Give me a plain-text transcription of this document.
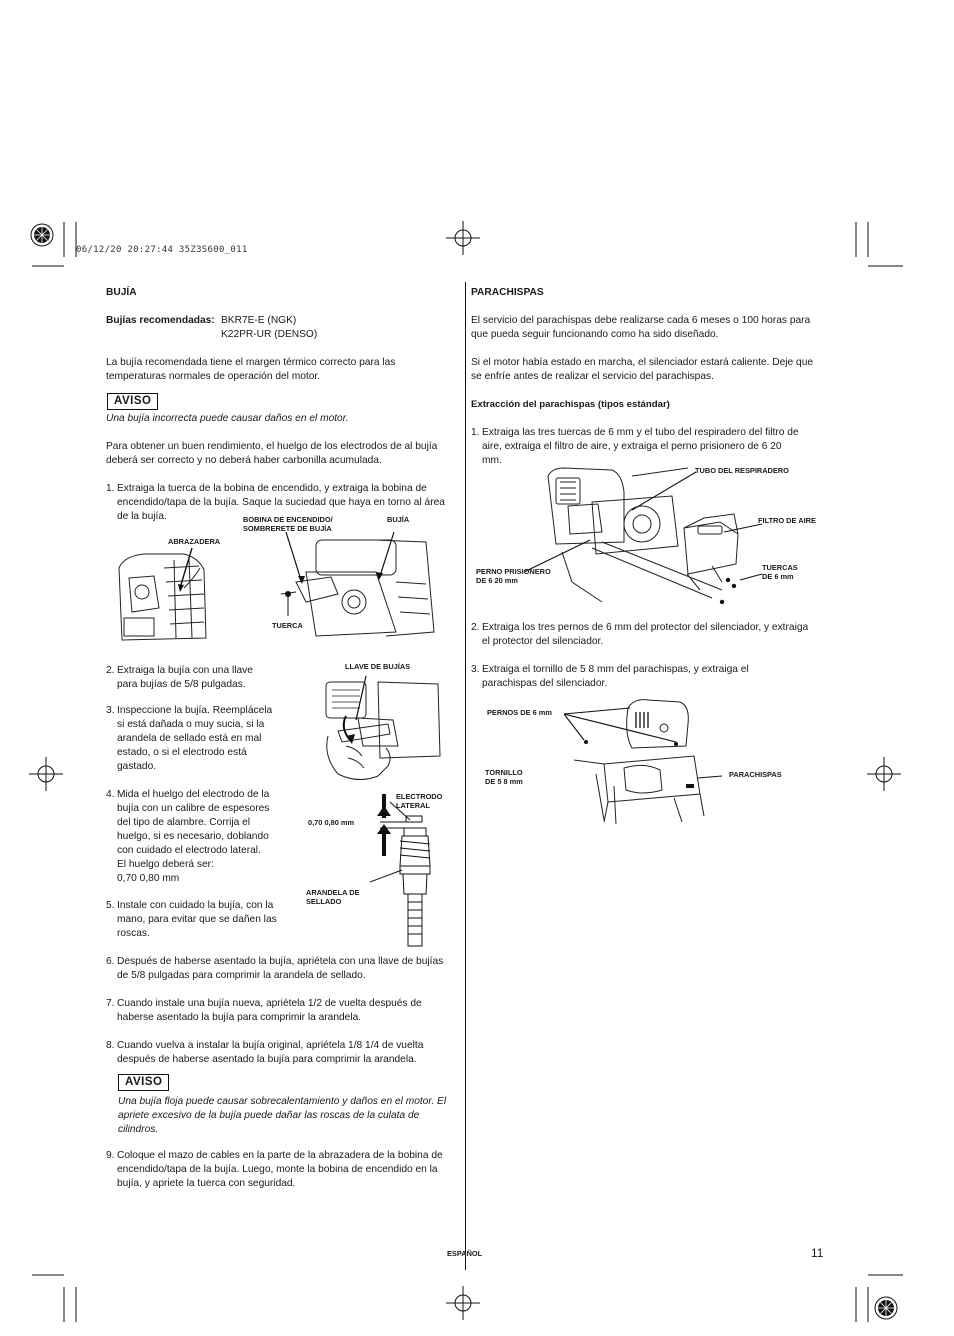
06/12/20 20:27:44 35Z3S600_011
BUJÍA
Bujías recomendadas: BKR7E-E (NGK)
K22PR-UR (DENSO)
La bujía recomendada tiene el margen térmico correcto para las
temperaturas normales de operación del motor.
AVISO
Una bujía incorrecta puede causar daños en el motor.
Para obtener un buen rendimiento, el huelgo de los electrodos de al bujía
deberá ser correcto y no deberá haber carbonilla acumulada.
1. Extraiga la tuerca de la bobina de encendido, y extraiga la bobina de
encendido/tapa de la bujía. Saque la suciedad que haya en torno al área
de la bujía.
2. Extraiga la bujía con una llave
para bujías de 5/8 pulgadas.
3. Inspeccione la bujía. Reemplácela
si está dañada o muy sucia, si la
arandela de sellado está en mal
estado, o si el electrodo está
gastado.
4. Mida el huelgo del electrodo de la
bujía con un calibre de espesores
del tipo de alambre. Corrija el
huelgo, si es necesario, doblando
con cuidado el electrodo lateral.
El huelgo deberá ser:
0,70 0,80 mm
5. Instale con cuidado la bujía, con la
mano, para evitar que se dañen las
roscas.
6. Después de haberse asentado la bujía, apriételа con una llave de bujías
de 5/8 pulgadas para comprimir la arandela de sellado.
7. Cuando instale una bujía nueva, apriétela 1/2 de vuelta después de
haberse asentado la bujía para comprimir la arandela.
8. Cuando vuelva a instalar la bujía original, apriétela 1/8 1/4 de vuelta
después de haberse asentado la bujía para comprimir la arandela.
AVISO
Una bujía floja puede causar sobrecalentamiento y daños en el motor. El
apriete excesivo de la bujía puede dañar las roscas de la culata de
cilindros.
9. Coloque el mazo de cables en la parte de la abrazadera de la bobina de
encendido/tapa de la bujía. Luego, monte la bobina de encendido en la
bujía, y apriete la tuerca con seguridad.
ABRAZADERA
BOBINA DE ENCENDIDO/
SOMBRERETE DE BUJÍA
BUJÍA
TUERCA
LLAVE DE BUJÍAS
ELECTRODO
LATERAL
0,70 0,80 mm
ARANDELA DE
SELLADO
PARACHISPAS
El servicio del parachispas debe realizarse cada 6 meses o 100 horas para
que pueda seguir funcionando como ha sido diseñado.
Si el motor había estado en marcha, el silenciador estará caliente. Deje que
se enfríe antes de realizar el servicio del parachispas.
Extracción del parachispas (tipos estándar)
1. Extraiga las tres tuercas de 6 mm y el tubo del respiradero del filtro de
aire, extraiga el filtro de aire, y extraiga el perno prisionero de 6 20
mm.
TUBO DEL RESPIRADERO
FILTRO DE AIRE
PERNO PRISIONERO
DE 6 20 mm
TUERCAS
DE 6 mm
2. Extraiga los tres pernos de 6 mm del protector del silenciador, y extraiga
el protector del silenciador.
3. Extraiga el tornillo de 5 8 mm del parachispas, y extraiga el
parachispas del silenciador.
PERNOS DE 6 mm
TORNILLO
DE 5 8 mm
PARACHISPAS
ESPAÑOL	11
